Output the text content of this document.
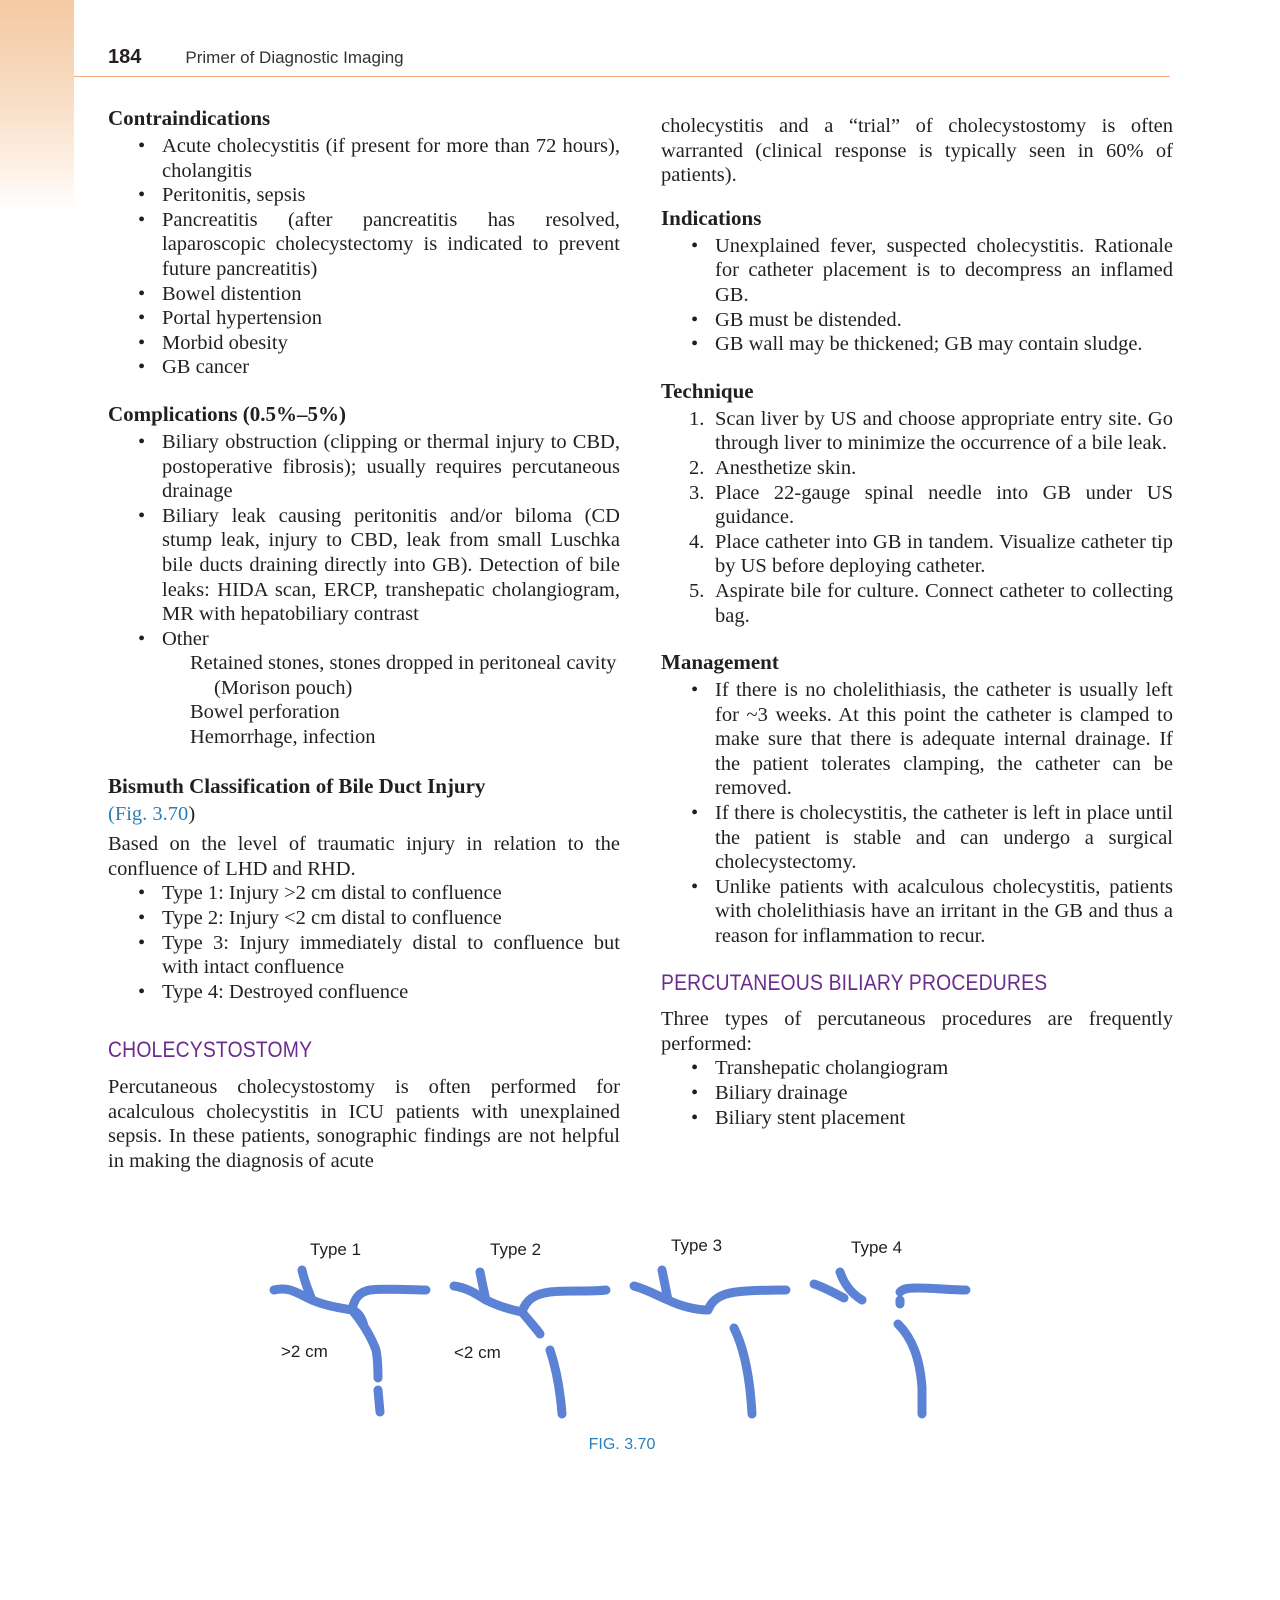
184	Primer of Diagnostic Imaging
Contraindications
• Acute cholecystitis (if present for more than 72 hours), cholangitis
• Peritonitis, sepsis
• Pancreatitis (after pancreatitis has resolved, laparoscopic cholecystectomy is indicated to prevent future pancreatitis)
• Bowel distention
• Portal hypertension
• Morbid obesity
• GB cancer
Complications (0.5%–5%)
• Biliary obstruction (clipping or thermal injury to CBD, postoperative fibrosis); usually requires percutaneous drainage
• Biliary leak causing peritonitis and/or biloma (CD stump leak, injury to CBD, leak from small Luschka bile ducts draining directly into GB). Detection of bile leaks: HIDA scan, ERCP, transhepatic cholangiogram, MR with hepatobiliary contrast
• Other
Retained stones, stones dropped in peritoneal cavity (Morison pouch)
Bowel perforation
Hemorrhage, infection
Bismuth Classification of Bile Duct Injury

(Fig. 3.70)

Based on the level of traumatic injury in relation to the confluence of LHD and RHD.

• Type 1: Injury >2 cm distal to confluence
• Type 2: Injury <2 cm distal to confluence
• Type 3: Injury immediately distal to confluence but with intact confluence
• Type 4: Destroyed confluence
CHOLECYSTOSTOMY

Percutaneous cholecystostomy is often performed for acalculous cholecystitis in ICU patients with unexplained sepsis. In these patients, sonographic findings are not helpful in making the diagnosis of acute

cholecystitis and a “trial” of cholecystostomy is often warranted (clinical response is typically seen in 60% of patients).

Indications
• Unexplained fever, suspected cholecystitis. Rationale for catheter placement is to decompress an inflamed GB.
• GB must be distended.
• GB wall may be thickened; GB may contain sludge.
Technique
1. Scan liver by US and choose appropriate entry site. Go through liver to minimize the occurrence of a bile leak.
2. Anesthetize skin.
3. Place 22-gauge spinal needle into GB under US guidance.
4. Place catheter into GB in tandem. Visualize catheter tip by US before deploying catheter.
5. Aspirate bile for culture. Connect catheter to collecting bag.
Management
• If there is no cholelithiasis, the catheter is usually left for ~3 weeks. At this point the catheter is clamped to make sure that there is adequate internal drainage. If the patient tolerates clamping, the catheter can be removed.
• If there is cholecystitis, the catheter is left in place until the patient is stable and can undergo a surgical cholecystectomy.
• Unlike patients with acalculous cholecystitis, patients with cholelithiasis have an irritant in the GB and thus a reason for inflammation to recur.
PERCUTANEOUS BILIARY PROCEDURES

Three types of percutaneous procedures are frequently performed:

• Transhepatic cholangiogram
• Biliary drainage
• Biliary stent placement
Type 1	Type 2	Type 3	Type 4
>2 cm	<2 cm
FIG. 3.70
